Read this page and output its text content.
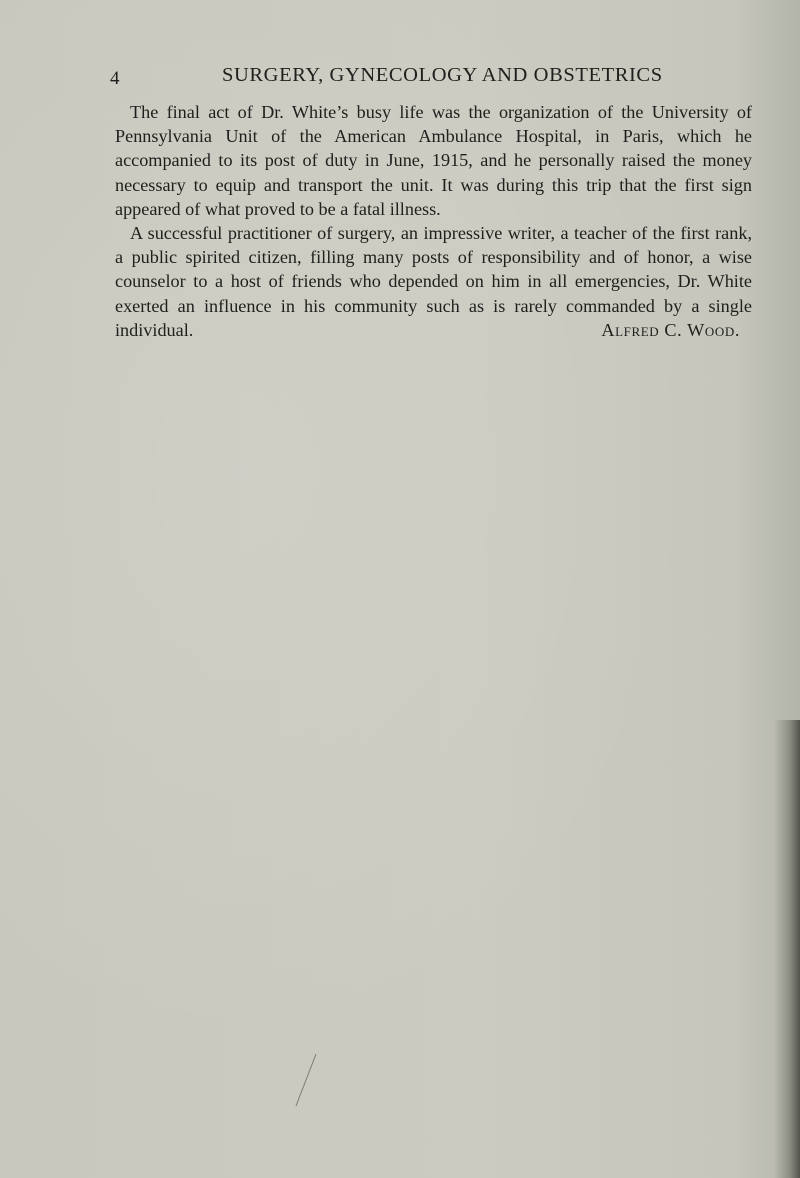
4	SURGERY, GYNECOLOGY AND OBSTETRICS

The final act of Dr. White’s busy life was the organization of the University of Pennsylvania Unit of the American Ambulance Hospital, in Paris, which he accompanied to its post of duty in June, 1915, and he personally raised the money necessary to equip and transport the unit. It was during this trip that the first sign appeared of what proved to be a fatal illness.

A successful practitioner of surgery, an impressive writer, a teacher of the first rank, a public spirited citizen, filling many posts of responsibility and of honor, a wise counselor to a host of friends who depended on him in all emergencies, Dr. White exerted an influence in his community such as is rarely commanded by a single individual.	Alfred C. Wood.
